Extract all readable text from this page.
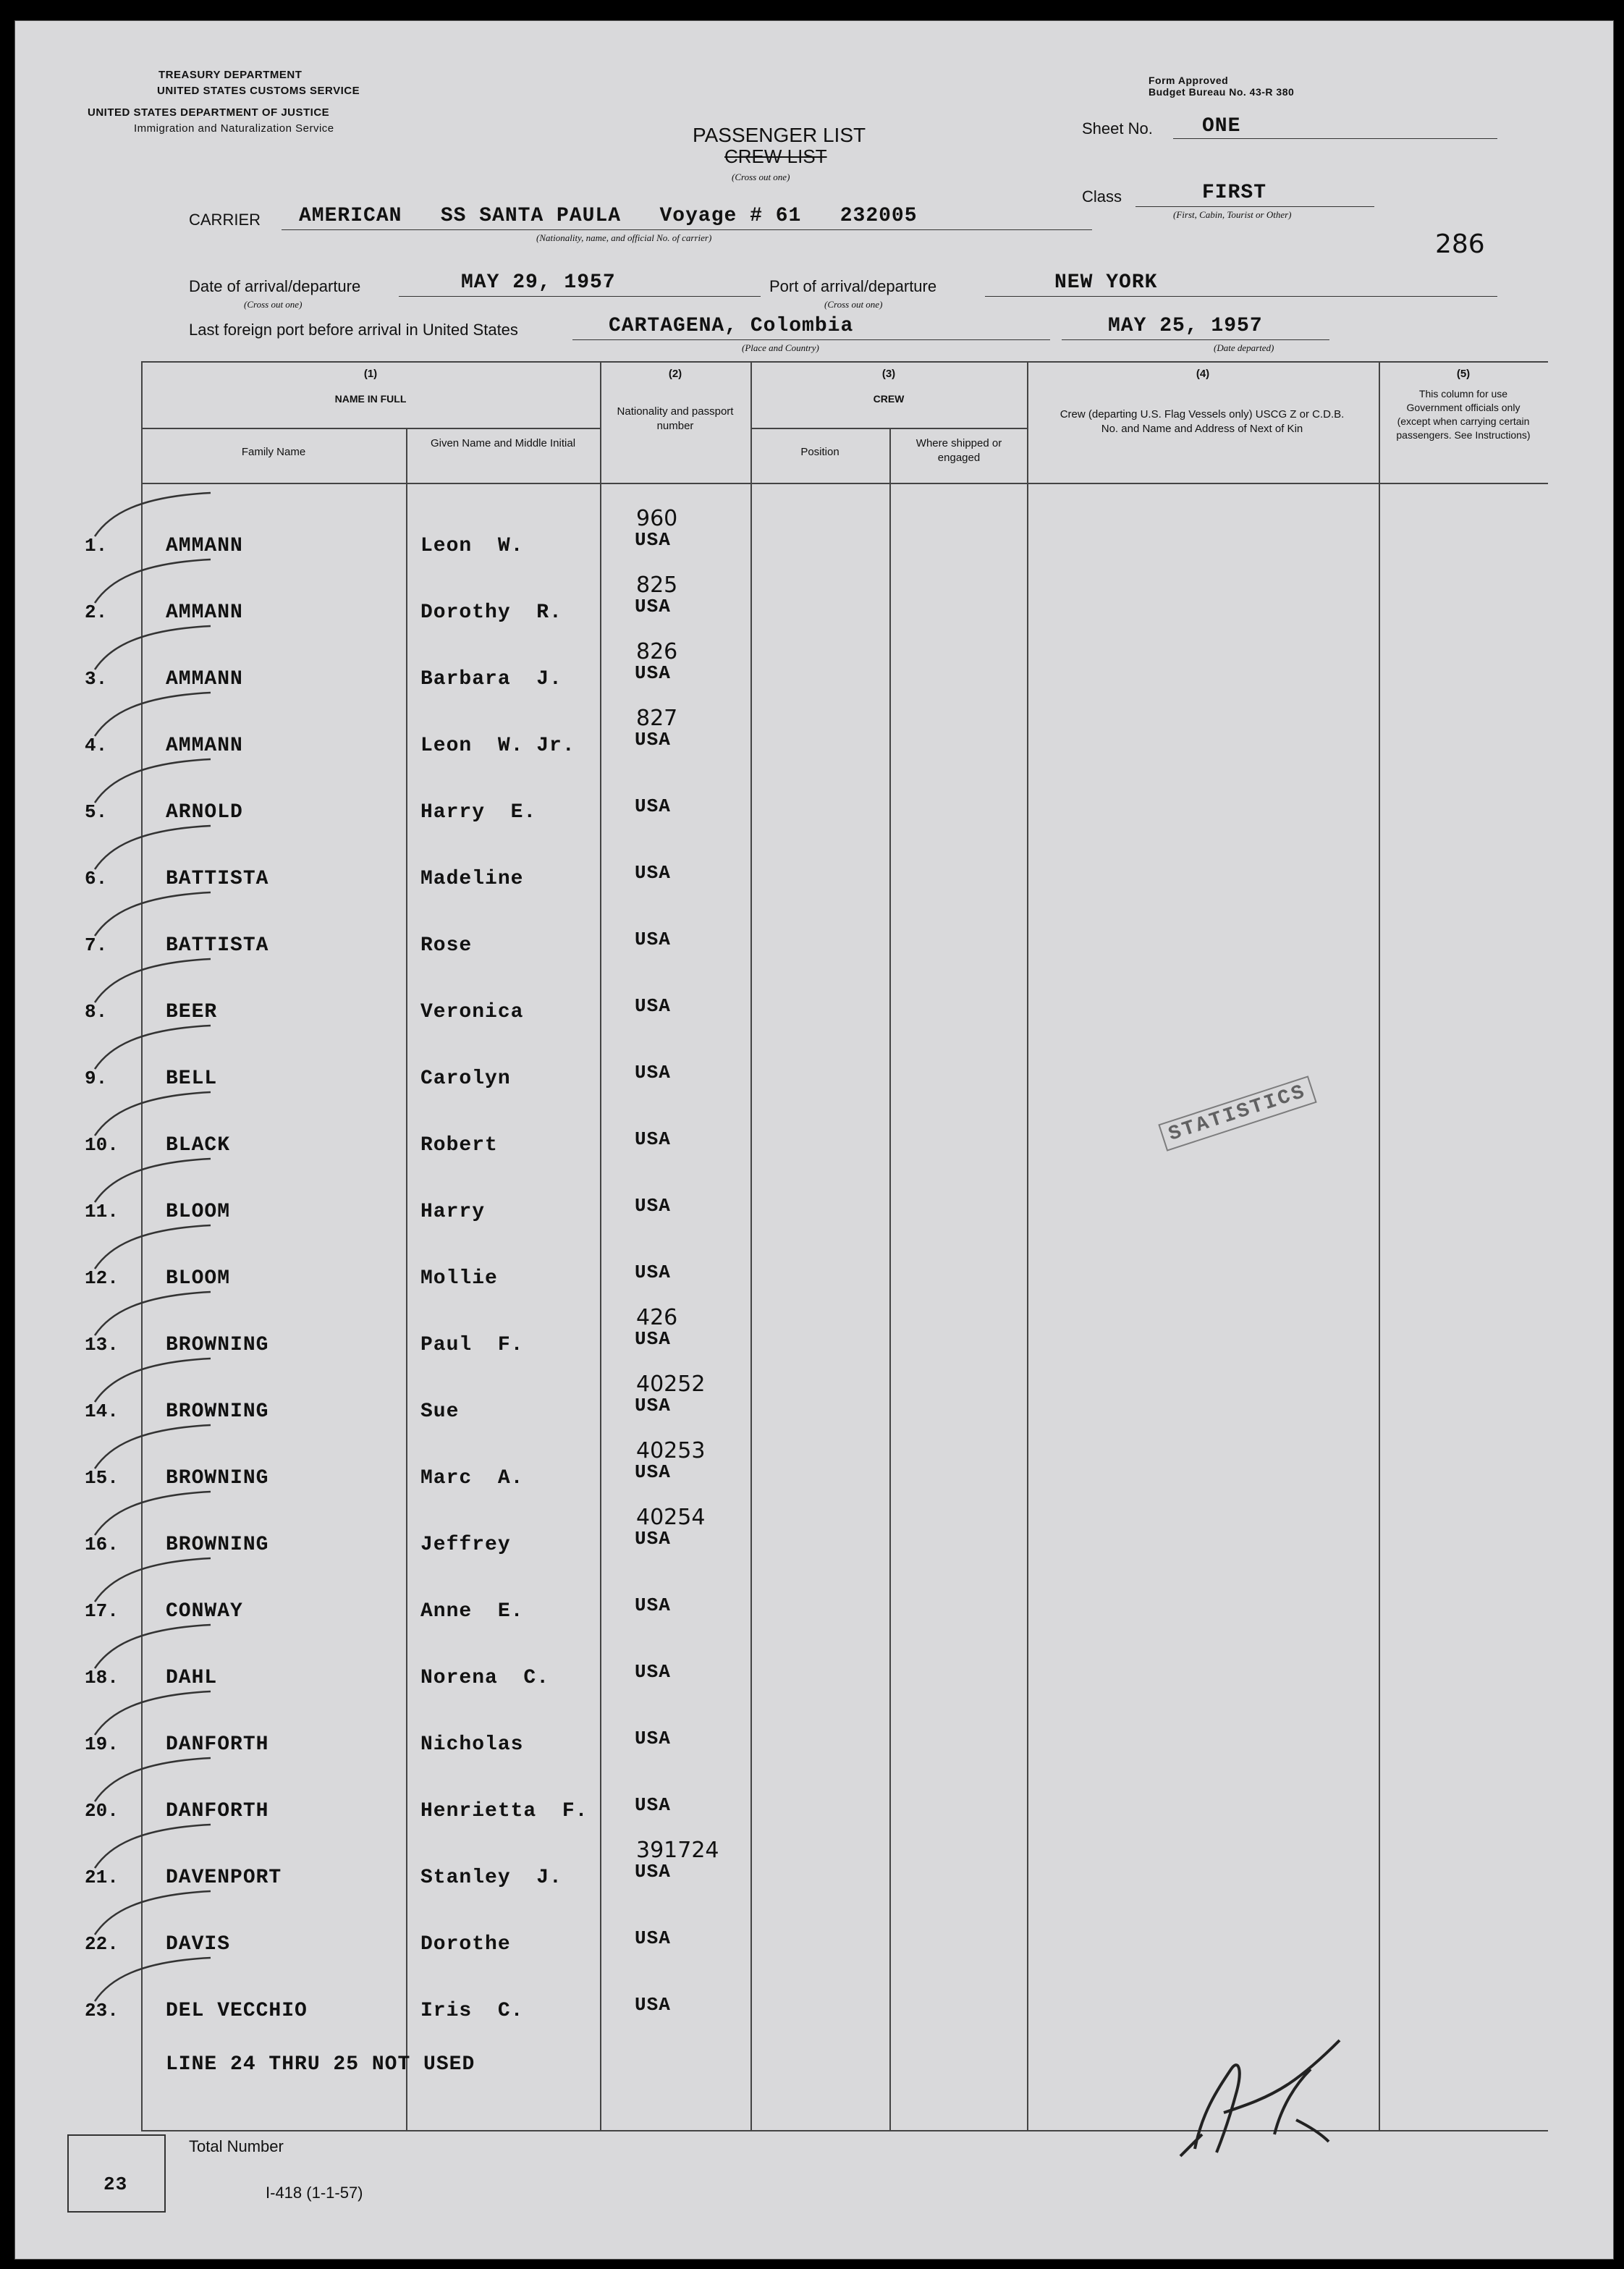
TREASURY DEPARTMENT
UNITED STATES CUSTOMS SERVICE
UNITED STATES DEPARTMENT OF JUSTICE
Immigration and Naturalization Service
Form Approved
Budget Bureau No. 43-R 380
PASSENGER LIST
CREW LIST
(Cross out one)
Sheet No. ONE
Class	FIRST
(First, Cabin, Tourist or Other)
286
CARRIER AMERICAN   SS SANTA PAULA   Voyage # 61   232005
(Nationality, name, and official No. of carrier)
Date of arrival/departure	MAY 29, 1957
(Cross out one)
Port of arrival/departure	NEW YORK
(Cross out one)
Last foreign port before arrival in United States	CARTAGENA, Colombia
(Place and Country)
MAY 25, 1957
(Date departed)
(1)
NAME IN FULL
Family Name
Given Name and Middle Initial
(2)
Nationality and passport number
(3)
CREW
Position
Where shipped or engaged
(4)
Crew (departing U.S. Flag Vessels only) USCG Z or C.D.B. No. and Name and Address of Next of Kin
(5)
This column for use Government officials only (except when carrying certain passengers. See Instructions)
1.	AMMANN	Leon  W.
960
USA
2.	AMMANN	Dorothy  R.
825
USA
3.	AMMANN	Barbara  J.
826
USA
4.	AMMANN	Leon  W. Jr.
827
USA
5.	ARNOLD	Harry  E.	USA
6.	BATTISTA	Madeline	USA
7.	BATTISTA	Rose	USA
8.	BEER	Veronica	USA
9.	BELL	Carolyn	USA
10. BLACK	Robert	USA
11. BLOOM	Harry	USA
12. BLOOM	Mollie	USA
13. BROWNING	Paul  F.
426
USA
14. BROWNING	Sue
40252
USA
15. BROWNING	Marc  A.
40253
USA
16. BROWNING	Jeffrey
40254
USA
17. CONWAY	Anne  E.	USA
18. DAHL	Norena  C.	USA
19. DANFORTH	Nicholas	USA
20. DANFORTH	Henrietta  F. USA
21. DAVENPORT	Stanley  J.
391724
USA
22. DAVIS	Dorothe	USA
23. DEL VECCHIO	Iris  C.	USA
LINE 24 THRU 25 NOT USED
STATISTICS
23
Total Number
I-418 (1-1-57)
